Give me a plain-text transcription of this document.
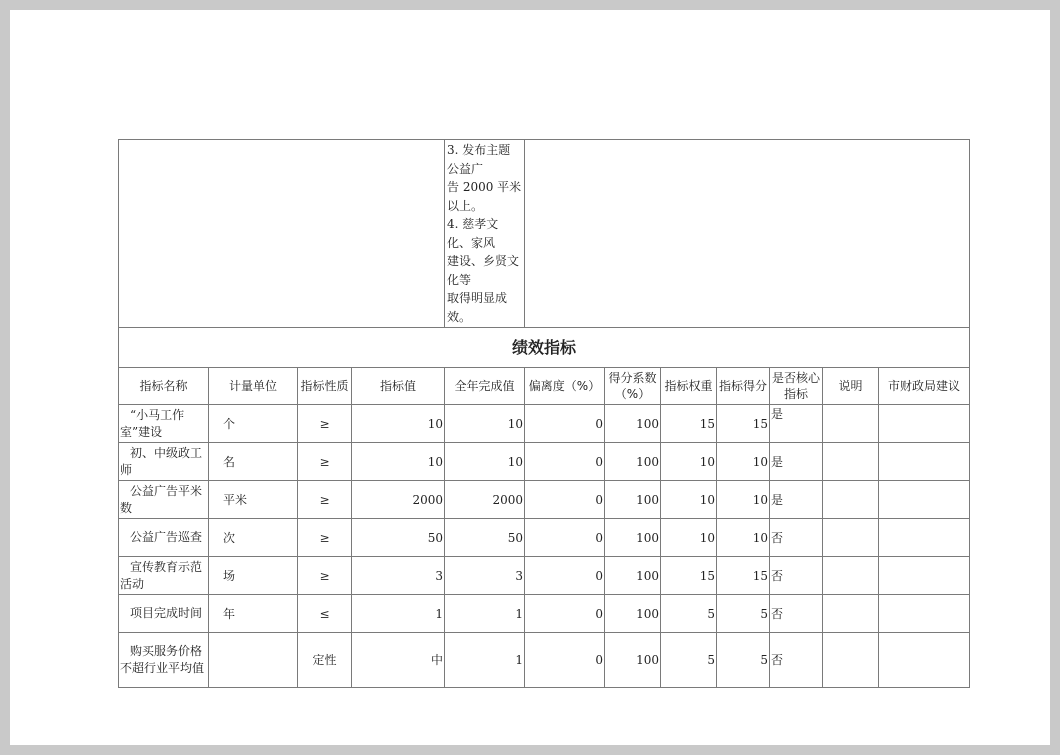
				3. 发布主题公益广
告 2000 平米以上。
4. 慈孝文化、家风
建设、乡贤文化等
取得明显成效。							

绩效指标											
指标名称	计量单位	指标性质	指标值	全年完成值	偏离度（%）	得分系数（%）	指标权重	指标得分	是否核心指标	说明	市财政局建议
“小马工作室”建设	个	≥	10	10	0	100	15	15	是		
初、中级政工师	名	≥	10	10	0	100	10	10	是		
公益广告平米数	平米	≥	2000	2000	0	100	10	10	是		
公益广告巡查	次	≥	50	50	0	100	10	10	否		
宣传教育示范活动	场	≥	3	3	0	100	15	15	否		
项目完成时间	年	≤	1	1	0	100	5	5	否		
购买服务价格不超行业平均值		定性	中	1	0	100	5	5	否		
